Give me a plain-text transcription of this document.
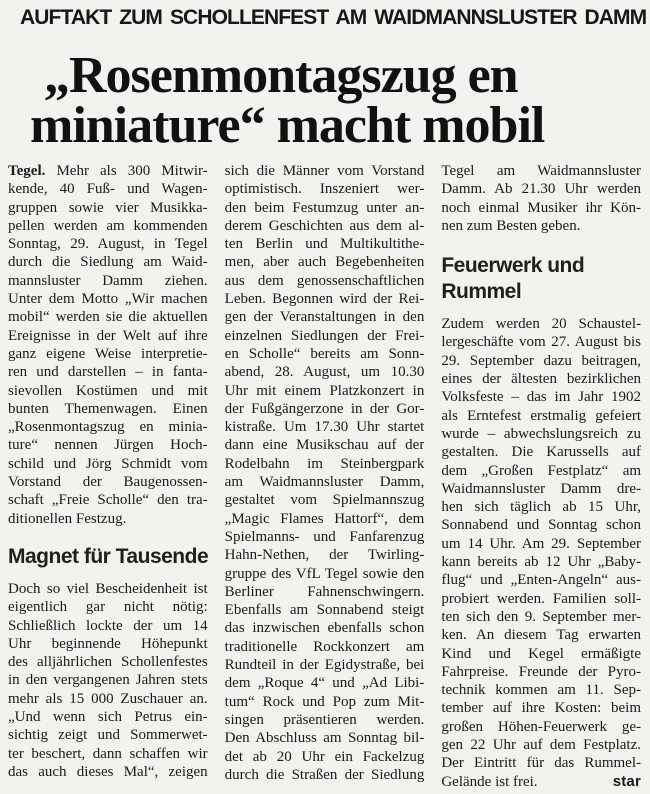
AUFTAKT ZUM SCHOLLENFEST AM WAIDMANNSLUSTER DAMM
„Rosenmontagszug en
miniature“ macht mobil
Tegel. Mehr als 300 Mitwir-
kende, 40 Fuß- und Wagen-
gruppen sowie vier Musikka-
pellen werden am kommenden
Sonntag, 29. August, in Tegel
durch die Siedlung am Waid-
mannsluster Damm ziehen.
Unter dem Motto „Wir machen
mobil“ werden sie die aktuellen
Ereignisse in der Welt auf ihre
ganz eigene Weise interpretie-
ren und darstellen – in fanta-
sievollen Kostümen und mit
bunten Themenwagen. Einen
„Rosenmontagszug en minia-
ture“ nennen Jürgen Hoch-
schild und Jörg Schmidt vom
Vorstand der Baugenossen-
schaft „Freie Scholle“ den tra-
ditionellen Festzug.
Magnet für Tausende
Doch so viel Bescheidenheit ist
eigentlich gar nicht nötig:
Schließlich lockte der um 14
Uhr beginnende Höhepunkt
des alljährlichen Schollenfestes
in den vergangenen Jahren stets
mehr als 15 000 Zuschauer an.
„Und wenn sich Petrus ein-
sichtig zeigt und Sommerwet-
ter beschert, dann schaffen wir
das auch dieses Mal“, zeigen
sich die Männer vom Vorstand
optimistisch. Inszeniert wer-
den beim Festumzug unter an-
derem Geschichten aus dem al-
ten Berlin und Multikultithe-
men, aber auch Begebenheiten
aus dem genossenschaftlichen
Leben. Begonnen wird der Rei-
gen der Veranstaltungen in den
einzelnen Siedlungen der Frei-
en Scholle“ bereits am Sonn-
abend, 28. August, um 10.30
Uhr mit einem Platzkonzert in
der Fußgängerzone in der Gor-
kistraße. Um 17.30 Uhr startet
dann eine Musikschau auf der
Rodelbahn im Steinbergpark
am Waidmannsluster Damm,
gestaltet vom Spielmannszug
„Magic Flames Hattorf“, dem
Spielmanns- und Fanfarenzug
Hahn-Nethen, der Twirling-
gruppe des VfL Tegel sowie den
Berliner Fahnenschwingern.
Ebenfalls am Sonnabend steigt
das inzwischen ebenfalls schon
traditionelle Rockkonzert am
Rundteil in der Egidystraße, bei
dem „Roque 4“ und „Ad Libi-
tum“ Rock und Pop zum Mit-
singen präsentieren werden.
Den Abschluss am Sonntag bil-
det ab 20 Uhr ein Fackelzug
durch die Straßen der Siedlung
Tegel am Waidmannsluster
Damm. Ab 21.30 Uhr werden
noch einmal Musiker ihr Kön-
nen zum Besten geben.
Feuerwerk und
Rummel
Zudem werden 20 Schaustel-
lergeschäfte vom 27. August bis
29. September dazu beitragen,
eines der ältesten bezirklichen
Volksfeste – das im Jahr 1902
als Erntefest erstmalig gefeiert
wurde – abwechslungsreich zu
gestalten. Die Karussells auf
dem „Großen Festplatz“ am
Waidmannsluster Damm dre-
hen sich täglich ab 15 Uhr,
Sonnabend und Sonntag schon
um 14 Uhr. Am 29. September
kann bereits ab 12 Uhr „Baby-
flug“ und „Enten-Angeln“ aus-
probiert werden. Familien soll-
ten sich den 9. September mer-
ken. An diesem Tag erwarten
Kind und Kegel ermäßigte
Fahrpreise. Freunde der Pyro-
technik kommen am 11. Sep-
tember auf ihre Kosten: beim
großen Höhen-Feuerwerk ge-
gen 22 Uhr auf dem Festplatz.
Der Eintritt für das Rummel-
Gelände ist frei.	star
